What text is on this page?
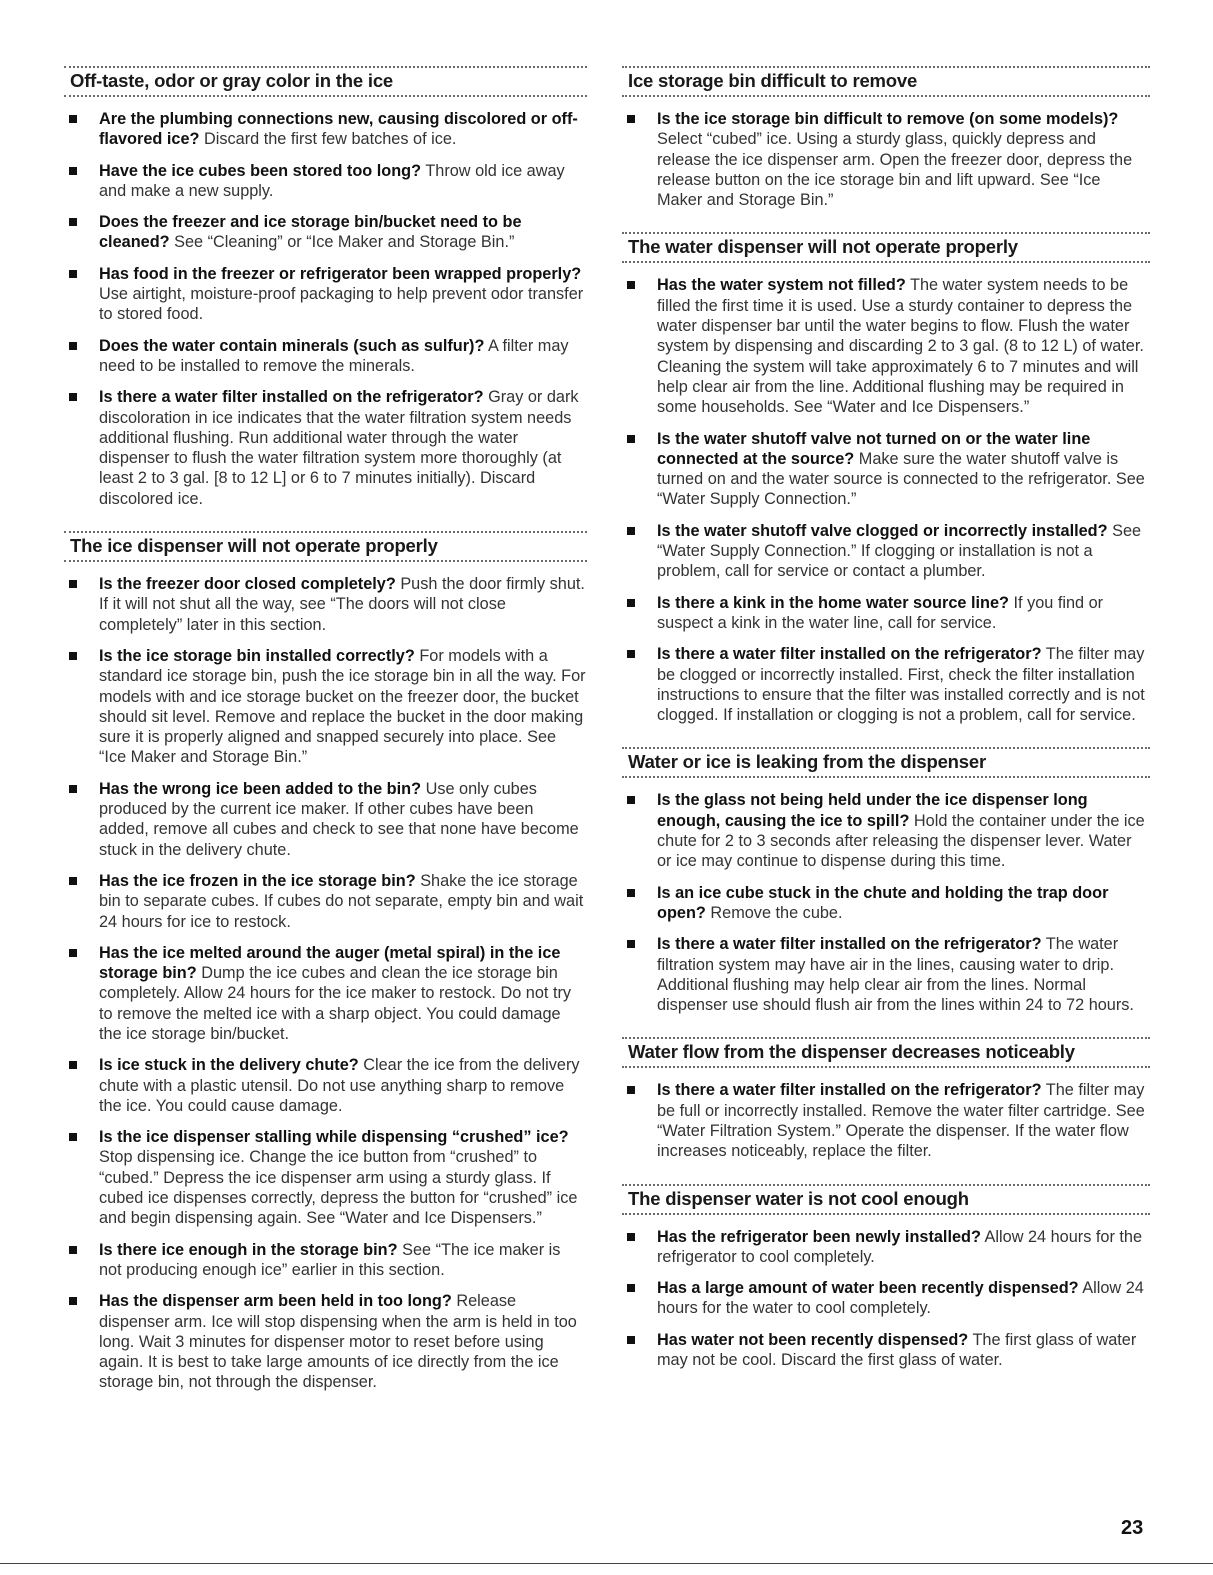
Off-taste, odor or gray color in the ice
Are the plumbing connections new, causing discolored or off-flavored ice? Discard the first few batches of ice.
Have the ice cubes been stored too long? Throw old ice away and make a new supply.
Does the freezer and ice storage bin/bucket need to be cleaned? See “Cleaning” or “Ice Maker and Storage Bin.”
Has food in the freezer or refrigerator been wrapped properly? Use airtight, moisture-proof packaging to help prevent odor transfer to stored food.
Does the water contain minerals (such as sulfur)? A filter may need to be installed to remove the minerals.
Is there a water filter installed on the refrigerator? Gray or dark discoloration in ice indicates that the water filtration system needs additional flushing. Run additional water through the water dispenser to flush the water filtration system more thoroughly (at least 2 to 3 gal. [8 to 12 L] or 6 to 7 minutes initially). Discard discolored ice.
The ice dispenser will not operate properly
Is the freezer door closed completely? Push the door firmly shut. If it will not shut all the way, see “The doors will not close completely” later in this section.
Is the ice storage bin installed correctly? For models with a standard ice storage bin, push the ice storage bin in all the way. For models with and ice storage bucket on the freezer door, the bucket should sit level. Remove and replace the bucket in the door making sure it is properly aligned and snapped securely into place. See “Ice Maker and Storage Bin.”
Has the wrong ice been added to the bin? Use only cubes produced by the current ice maker. If other cubes have been added, remove all cubes and check to see that none have become stuck in the delivery chute.
Has the ice frozen in the ice storage bin? Shake the ice storage bin to separate cubes. If cubes do not separate, empty bin and wait 24 hours for ice to restock.
Has the ice melted around the auger (metal spiral) in the ice storage bin? Dump the ice cubes and clean the ice storage bin completely. Allow 24 hours for the ice maker to restock. Do not try to remove the melted ice with a sharp object. You could damage the ice storage bin/bucket.
Is ice stuck in the delivery chute? Clear the ice from the delivery chute with a plastic utensil. Do not use anything sharp to remove the ice. You could cause damage.
Is the ice dispenser stalling while dispensing “crushed” ice? Stop dispensing ice. Change the ice button from “crushed” to “cubed.” Depress the ice dispenser arm using a sturdy glass. If cubed ice dispenses correctly, depress the button for “crushed” ice and begin dispensing again. See “Water and Ice Dispensers.”
Is there ice enough in the storage bin? See “The ice maker is not producing enough ice” earlier in this section.
Has the dispenser arm been held in too long? Release dispenser arm. Ice will stop dispensing when the arm is held in too long. Wait 3 minutes for dispenser motor to reset before using again. It is best to take large amounts of ice directly from the ice storage bin, not through the dispenser.
Ice storage bin difficult to remove
Is the ice storage bin difficult to remove (on some models)? Select “cubed” ice. Using a sturdy glass, quickly depress and release the ice dispenser arm. Open the freezer door, depress the release button on the ice storage bin and lift upward. See “Ice Maker and Storage Bin.”
The water dispenser will not operate properly
Has the water system not filled? The water system needs to be filled the first time it is used. Use a sturdy container to depress the water dispenser bar until the water begins to flow. Flush the water system by dispensing and discarding 2 to 3 gal. (8 to 12 L) of water. Cleaning the system will take approximately 6 to 7 minutes and will help clear air from the line. Additional flushing may be required in some households. See “Water and Ice Dispensers.”
Is the water shutoff valve not turned on or the water line connected at the source? Make sure the water shutoff valve is turned on and the water source is connected to the refrigerator. See “Water Supply Connection.”
Is the water shutoff valve clogged or incorrectly installed? See “Water Supply Connection.” If clogging or installation is not a problem, call for service or contact a plumber.
Is there a kink in the home water source line? If you find or suspect a kink in the water line, call for service.
Is there a water filter installed on the refrigerator? The filter may be clogged or incorrectly installed. First, check the filter installation instructions to ensure that the filter was installed correctly and is not clogged. If installation or clogging is not a problem, call for service.
Water or ice is leaking from the dispenser
Is the glass not being held under the ice dispenser long enough, causing the ice to spill? Hold the container under the ice chute for 2 to 3 seconds after releasing the dispenser lever. Water or ice may continue to dispense during this time.
Is an ice cube stuck in the chute and holding the trap door open? Remove the cube.
Is there a water filter installed on the refrigerator? The water filtration system may have air in the lines, causing water to drip. Additional flushing may help clear air from the lines. Normal dispenser use should flush air from the lines within 24 to 72 hours.
Water flow from the dispenser decreases noticeably
Is there a water filter installed on the refrigerator? The filter may be full or incorrectly installed. Remove the water filter cartridge. See “Water Filtration System.” Operate the dispenser. If the water flow increases noticeably, replace the filter.
The dispenser water is not cool enough
Has the refrigerator been newly installed? Allow 24 hours for the refrigerator to cool completely.
Has a large amount of water been recently dispensed? Allow 24 hours for the water to cool completely.
Has water not been recently dispensed? The first glass of water may not be cool. Discard the first glass of water.
23
